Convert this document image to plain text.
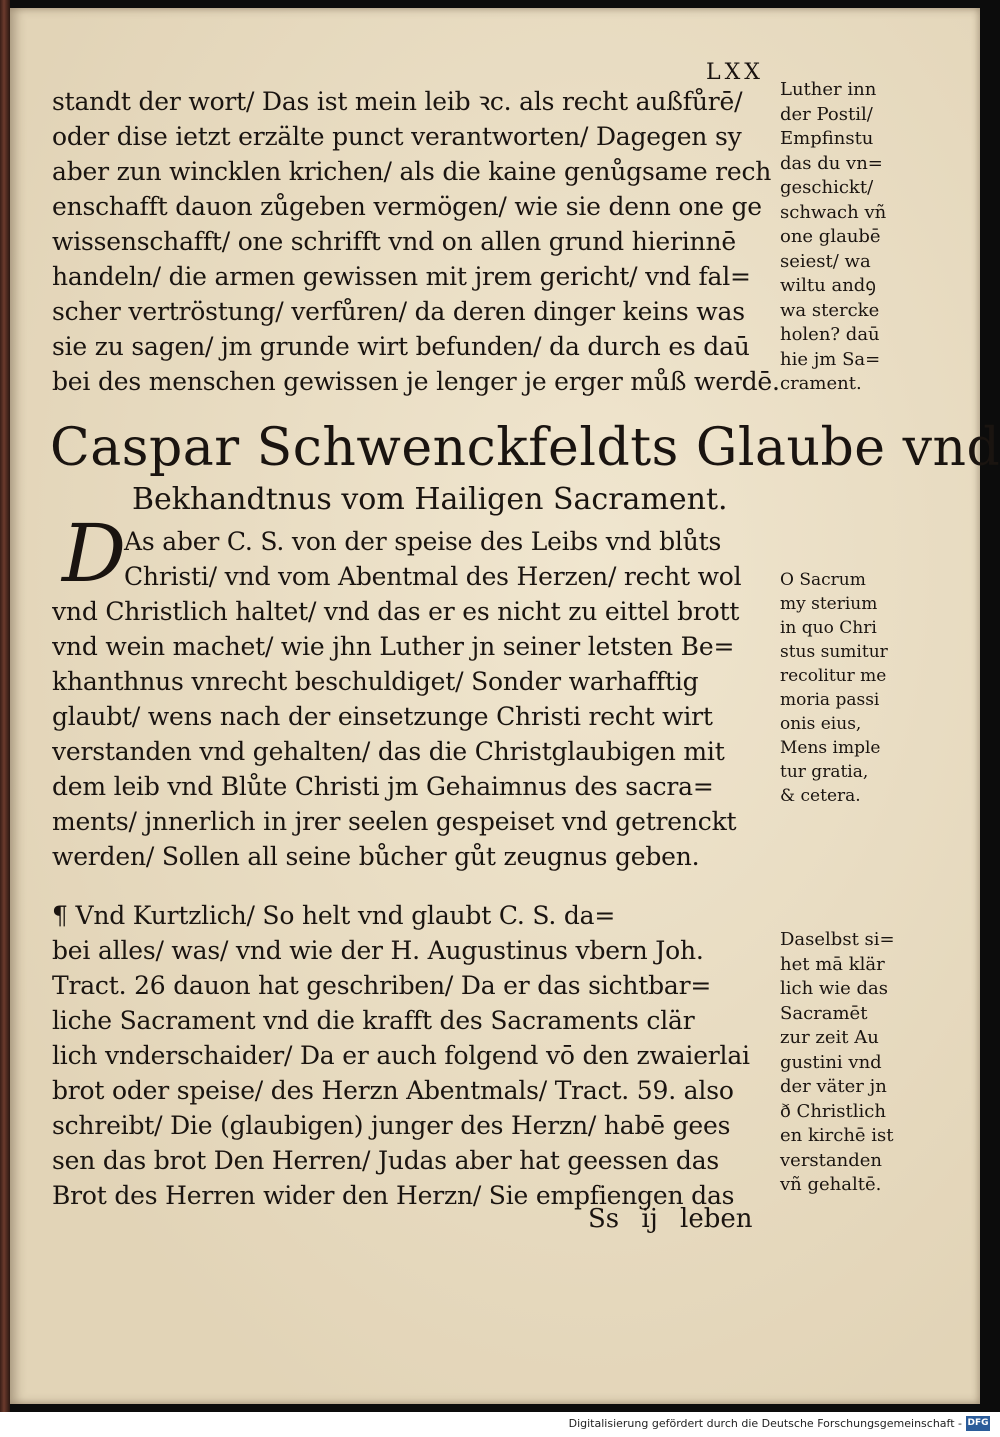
LXX
standt der wort/ Das ist mein leib ꝛc. als recht außfůrē/
oder dise ietzt erzälte punct verantworten/ Dagegen sy
aber zun wincklen krichen/ als die kaine genůgsame rech
enschafft dauon zůgeben vermögen/ wie sie denn one ge
wissenschafft/ one schrifft vnd on allen grund hierinnē
handeln/ die armen gewissen mit jrem gericht/ vnd fal=
scher vertröstung/ verfůren/ da deren dinger keins was
sie zu sagen/ jm grunde wirt befunden/ da durch es daū
bei des menschen gewissen je lenger je erger můß werdē.
Caspar Schwenckfeldts Glaube vnd
Bekhandtnus vom Hailigen Sacrament.
D
As aber C. S. von der speise des Leibs vnd blůts
Christi/ vnd vom Abentmal des Herzen/ recht wol
vnd Christlich haltet/ vnd das er es nicht zu eittel brott
vnd wein machet/ wie jhn Luther jn seiner letsten Be=
khanthnus vnrecht beschuldiget/ Sonder warhafftig
glaubt/ wens nach der einsetzunge Christi recht wirt
verstanden vnd gehalten/ das die Christglaubigen mit
dem leib vnd Blůte Christi jm Gehaimnus des sacra=
ments/ jnnerlich in jrer seelen gespeiset vnd getrenckt
werden/ Sollen all seine bůcher gůt zeugnus geben.
¶ Vnd Kurtzlich/ So helt vnd glaubt C. S. da=
bei alles/ was/ vnd wie der H. Augustinus vbern Joh.
Tract. 26 dauon hat geschriben/ Da er das sichtbar=
liche Sacrament vnd die krafft des Sacraments clär
lich vnderschaider/ Da er auch folgend vō den zwaierlai
brot oder speise/ des Herzn Abentmals/ Tract. 59. also
schreibt/ Die (glaubigen) junger des Herzn/ habē gees
sen das brot Den Herren/ Judas aber hat geessen das
Brot des Herren wider den Herzn/ Sie empfiengen das
Ss ij leben
Luther inn
der Postil/
Empfinstu
das du vn=
geschickt/
schwach vñ
one glaubē
seiest/ wa
wiltu andꝯ
wa stercke
holen? daū
hie jm Sa=
crament.
O Sacrum
my sterium
in quo Chri
stus sumitur
recolitur me
moria passi
onis eius,
Mens imple
tur gratia,
& cetera.
Daselbst si=
het mā klär
lich wie das
Sacramēt
zur zeit Au
gustini vnd
der väter jn
ð Christlich
en kirchē ist
verstanden
vñ gehaltē.
Digitalisierung gefördert durch die Deutsche Forschungsgemeinschaft - DFG
